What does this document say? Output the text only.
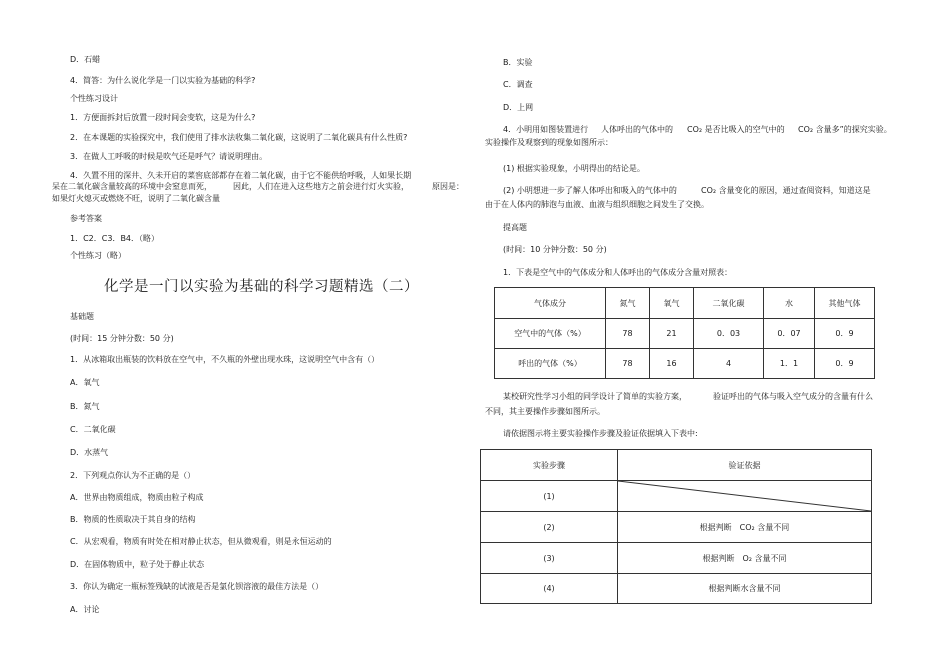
D．石蜡
4．简答：为什么说化学是一门以实验为基础的科学?
个性练习设计
1．方便面拆封后放置一段时间会变软，这是为什么?
2．在本课题的实验探究中，我们使用了排水法收集二氧化碳，这说明了二氧化碳具有什么性质?
3．在做人工呼吸的时候是吹气还是呼气？请说明理由。
4．久置不用的深井、久未开启的菜窖底部都存在着二氧化碳，由于它不能供给呼吸，人如果长期
呆在二氧化碳含量较高的环境中会窒息而死，	因此，人们在进入这些地方之前会进行灯火实验，	原因是：
如果灯火熄灭或燃烧不旺，说明了二氧化碳含量
参考答案
1．C2．C3．B4．（略）
个性练习（略）
化学是一门以实验为基础的科学习题精选（二）
基础题
(时间：15 分钟分数：50 分)
1．从冰箱取出瓶装的饮料放在空气中，不久瓶的外壁出现水珠，这说明空气中含有（）
A．氧气
B．氮气
C．二氧化碳
D．水蒸气
2．下列观点你认为不正确的是（）
A．世界由物质组成，物质由粒子构成
B．物质的性质取决于其自身的结构
C．从宏观看，物质有时处在相对静止状态，但从微观看，则是永恒运动的
D．在固体物质中，粒子处于静止状态
3．你认为确定一瓶标签残缺的试液是否是氯化钡溶液的最佳方法是（）
A．讨论
B．实验
C．调查
D．上网
4．小明用如图装置进行 人体呼出的气体中的 CO₂ 是否比吸入的空气中的 CO₂ 含量多”的探究实验。
实验操作及观察到的现象如图所示：
(1) 根据实验现象，小明得出的结论是。
(2) 小明想进一步了解人体呼出和吸入的气体中的	CO₂ 含量变化的原因，通过查阅资料，知道这是
由于在人体内的肺泡与血液、血液与组织细胞之间发生了交换。
提高题
(时间：10 分钟分数：50 分)
1．下表是空气中的气体成分和人体呼出的气体成分含量对照表：
气体成分	氮气	氧气	二氧化碳	水	其他气体
空气中的气体（%）	78	21	0．03	0．07	0．9
呼出的气体（%）	78	16	4	1．1	0．9
某校研究性学习小组的同学设计了简单的实验方案，	验证呼出的气体与吸入空气成分的含量有什么
不同，其主要操作步骤如图所示。
请依据图示将主要实验操作步骤及验证依据填入下表中:
实验步骤	验证依据
(1)	

(2)	根据判断　CO₂ 含量不同
(3)	根据判断　O₂ 含量不同
(4)	根据判断水含量不同
